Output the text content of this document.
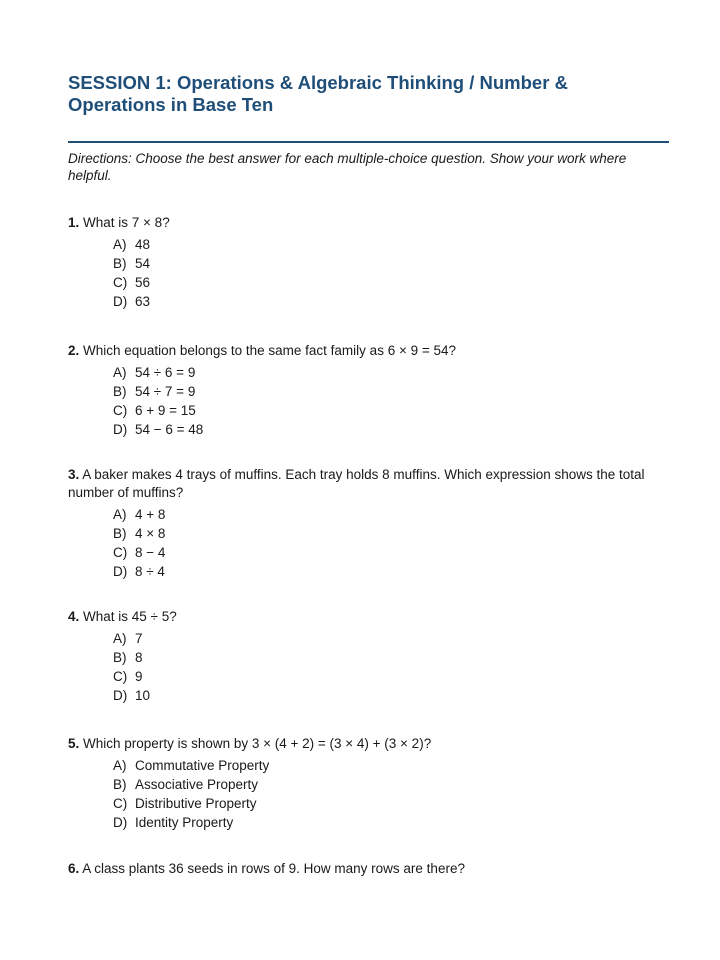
SESSION 1: Operations & Algebraic Thinking / Number & Operations in Base Ten
Directions: Choose the best answer for each multiple-choice question. Show your work where helpful.
1. What is 7 × 8?
A) 48
B) 54
C) 56
D) 63
2. Which equation belongs to the same fact family as 6 × 9 = 54?
A) 54 ÷ 6 = 9
B) 54 ÷ 7 = 9
C) 6 + 9 = 15
D) 54 − 6 = 48
3. A baker makes 4 trays of muffins. Each tray holds 8 muffins. Which expression shows the total number of muffins?
A) 4 + 8
B) 4 × 8
C) 8 − 4
D) 8 ÷ 4
4. What is 45 ÷ 5?
A) 7
B) 8
C) 9
D) 10
5. Which property is shown by 3 × (4 + 2) = (3 × 4) + (3 × 2)?
A) Commutative Property
B) Associative Property
C) Distributive Property
D) Identity Property
6. A class plants 36 seeds in rows of 9. How many rows are there?
